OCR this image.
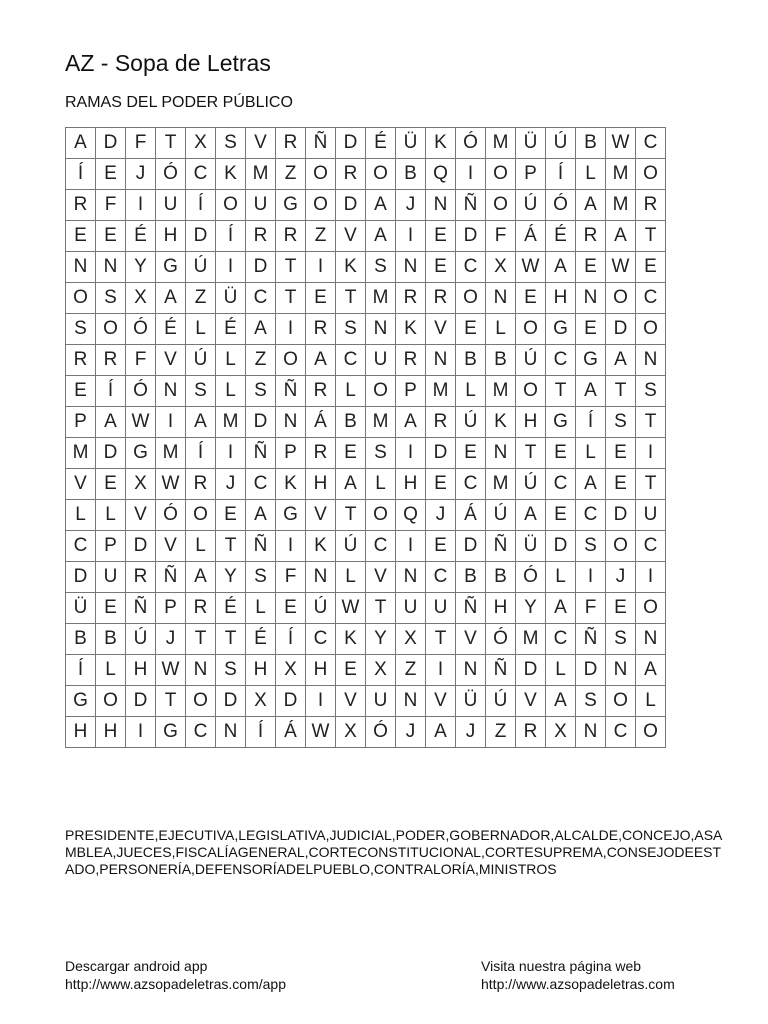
AZ - Sopa de Letras
RAMAS DEL PODER PÚBLICO
A	D	F	T	X	S	V	R	Ñ	D	É	Ü	K	Ó	M	Ü	Ú	B	W	C
Í	E	J	Ó	C	K	M	Z	O	R	O	B	Q	I	O	P	Í	L	M	O
R	F	I	U	Í	O	U	G	O	D	A	J	N	Ñ	O	Ú	Ó	A	M	R
E	E	É	H	D	Í	R	R	Z	V	A	I	E	D	F	Á	É	R	A	T
N	N	Y	G	Ú	I	D	T	I	K	S	N	E	C	X	W	A	E	W	E
O	S	X	A	Z	Ü	C	T	E	T	M	R	R	O	N	E	H	N	O	C
S	O	Ó	É	L	É	A	I	R	S	N	K	V	E	L	O	G	E	D	O
R	R	F	V	Ú	L	Z	O	A	C	U	R	N	B	B	Ú	C	G	A	N
E	Í	Ó	N	S	L	S	Ñ	R	L	O	P	M	L	M	O	T	A	T	S
P	A	W	I	A	M	D	N	Á	B	M	A	R	Ú	K	H	G	Í	S	T
M	D	G	M	Í	I	Ñ	P	R	E	S	I	D	E	N	T	E	L	E	I
V	E	X	W	R	J	C	K	H	A	L	H	E	C	M	Ú	C	A	E	T
L	L	V	Ó	O	E	A	G	V	T	O	Q	J	Á	Ú	A	E	C	D	U
C	P	D	V	L	T	Ñ	I	K	Ú	C	I	E	D	Ñ	Ü	D	S	O	C
D	U	R	Ñ	A	Y	S	F	N	L	V	N	C	B	B	Ó	L	I	J	I
Ü	E	Ñ	P	R	É	L	E	Ú	W	T	U	U	Ñ	H	Y	A	F	E	O
B	B	Ú	J	T	T	É	Í	C	K	Y	X	T	V	Ó	M	C	Ñ	S	N
Í	L	H	W	N	S	H	X	H	E	X	Z	I	N	Ñ	D	L	D	N	A
G	O	D	T	O	D	X	D	I	V	U	N	V	Ü	Ú	V	A	S	O	L
H	H	I	G	C	N	Í	Á	W	X	Ó	J	A	J	Z	R	X	N	C	O
PRESIDENTE,EJECUTIVA,LEGISLATIVA,JUDICIAL,PODER,GOBERNADOR,ALCALDE,CONCEJO,ASAMBLEA,JUECES,FISCALÍAGENERAL,CORTECONSTITUCIONAL,CORTESUPREMA,CONSEJODEESTADO,PERSONERÍA,DEFENSORÍADELPUEBLO,CONTRALORÍA,MINISTROS
Descargar android app
http://www.azsopadeletras.com/app
Visita nuestra página web
http://www.azsopadeletras.com
